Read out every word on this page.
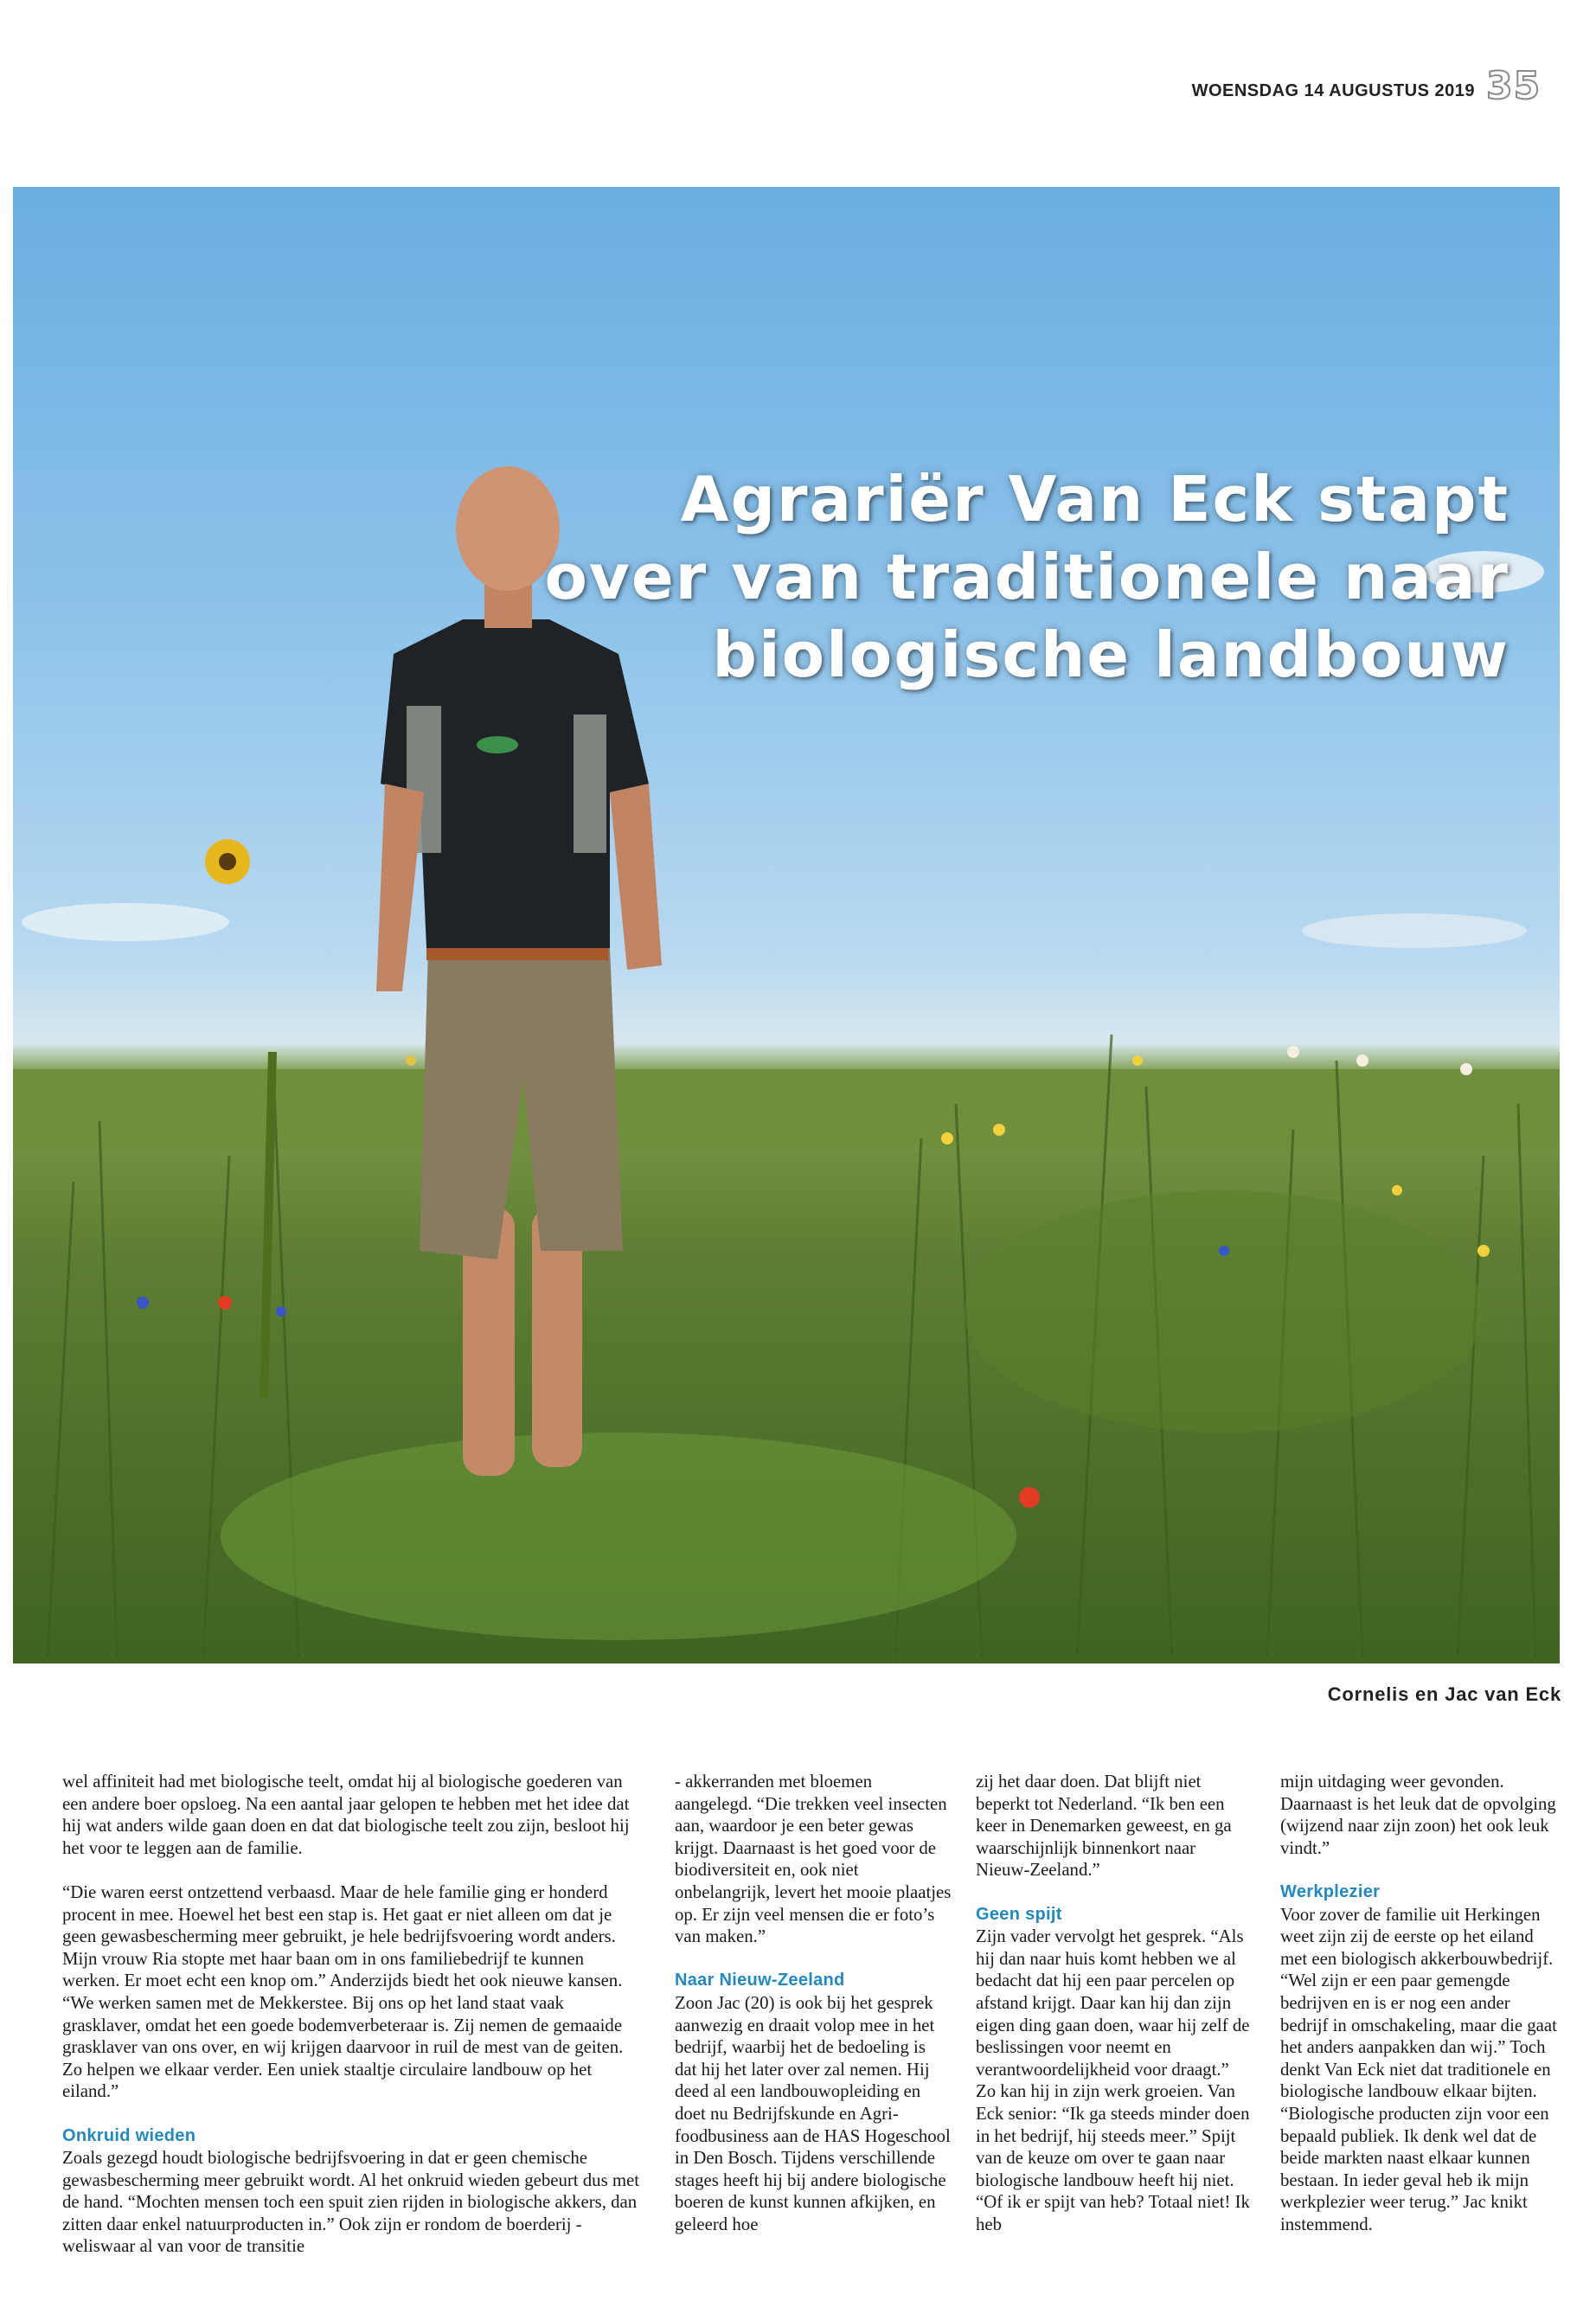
WOENSDAG 14 AUGUSTUS 2019 35
Agrariër Van Eck stapt
over van traditionele naar
biologische landbouw
Cornelis en Jac van Eck

wel affiniteit had met biologische teelt, omdat hij al biologische goederen van een andere boer opsloeg. Na een aantal jaar gelopen te hebben met het idee dat hij wat anders wilde gaan doen en dat dat biologische teelt zou zijn, besloot hij het voor te leggen aan de familie.

“Die waren eerst ontzettend verbaasd. Maar de hele familie ging er honderd procent in mee. Hoewel het best een stap is. Het gaat er niet alleen om dat je geen gewasbescherming meer gebruikt, je hele bedrijfsvoering wordt anders. Mijn vrouw Ria stopte met haar baan om in ons familiebedrijf te kunnen werken. Er moet echt een knop om.” Anderzijds biedt het ook nieuwe kansen. “We werken samen met de Mekkerstee. Bij ons op het land staat vaak grasklaver, omdat het een goede bodemverbeteraar is. Zij nemen de gemaaide grasklaver van ons over, en wij krijgen daarvoor in ruil de mest van de geiten. Zo helpen we elkaar verder. Een uniek staaltje circulaire landbouw op het eiland.”

Onkruid wieden

Zoals gezegd houdt biologische bedrijfsvoering in dat er geen chemische gewasbescherming meer gebruikt wordt. Al het onkruid wieden gebeurt dus met de hand. “Mochten mensen toch een spuit zien rijden in biologische akkers, dan zitten daar enkel natuurproducten in.” Ook zijn er rondom de boerderij - weliswaar al van voor de transitie

- akkerranden met bloemen aangelegd. “Die trekken veel insecten aan, waardoor je een beter gewas krijgt. Daarnaast is het goed voor de biodiversiteit en, ook niet onbelangrijk, levert het mooie plaatjes op. Er zijn veel mensen die er foto’s van maken.”

Naar Nieuw-Zeeland

Zoon Jac (20) is ook bij het gesprek aanwezig en draait volop mee in het bedrijf, waarbij het de bedoeling is dat hij het later over zal nemen. Hij deed al een landbouwopleiding en doet nu Bedrijfskunde en Agri-foodbusiness aan de HAS Hogeschool in Den Bosch. Tijdens verschillende stages heeft hij bij andere biologische boeren de kunst kunnen afkijken, en geleerd hoe

zij het daar doen. Dat blijft niet beperkt tot Nederland. “Ik ben een keer in Denemarken geweest, en ga waarschijnlijk binnenkort naar Nieuw-Zeeland.”

Geen spijt

Zijn vader vervolgt het gesprek. “Als hij dan naar huis komt hebben we al bedacht dat hij een paar percelen op afstand krijgt. Daar kan hij dan zijn eigen ding gaan doen, waar hij zelf de beslissingen voor neemt en verantwoordelijkheid voor draagt.” Zo kan hij in zijn werk groeien. Van Eck senior: “Ik ga steeds minder doen in het bedrijf, hij steeds meer.” Spijt van de keuze om over te gaan naar biologische landbouw heeft hij niet. “Of ik er spijt van heb? Totaal niet! Ik heb

mijn uitdaging weer gevonden. Daarnaast is het leuk dat de opvolging (wijzend naar zijn zoon) het ook leuk vindt.”

Werkplezier

Voor zover de familie uit Herkingen weet zijn zij de eerste op het eiland met een biologisch akkerbouwbedrijf. “Wel zijn er een paar gemengde bedrijven en is er nog een ander bedrijf in omschakeling, maar die gaat het anders aanpakken dan wij.” Toch denkt Van Eck niet dat traditionele en biologische landbouw elkaar bijten. “Biologische producten zijn voor een bepaald publiek. Ik denk wel dat de beide markten naast elkaar kunnen bestaan. In ieder geval heb ik mijn werkplezier weer terug.” Jac knikt instemmend.
